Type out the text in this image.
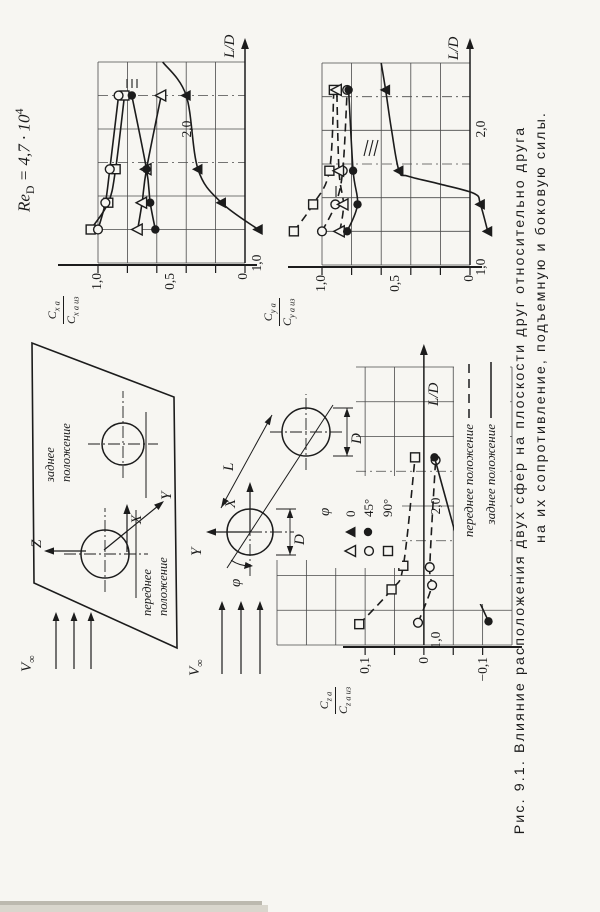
$Re_D = 4,7 \cdot 10^4$
$C_{x a}$
$C_{x a из}$
1,0	0,5	0
1,0
2,0
L/D
$C_{y a}$
$C_{y a из}$
1,0	0,5	0
1,0
2,0
L/D
$C_{z a}$
$C_{z a из}$
0,1	0	−0,1
1,0
2,0
L/D
$V_\infty$
Z
X
Y
переднее положение
заднее положение
$V_\infty$
X
Y
L
φ
D
D
φ 0 45° 90°	переднее положение заднее положение Рис. 9.1. Влияние расположения двух сфер на плоскости друг относительно друга на их сопротивление, подъемную и боковую силы.
